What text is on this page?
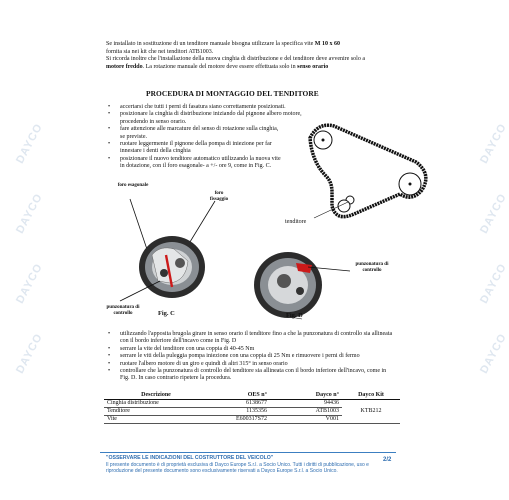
DAYCO
DAYCO
DAYCO
DAYCO
DAYCO
DAYCO
DAYCO
DAYCO
Se installato in sostituzione di un tenditore manuale bisogna utilizzare la specifica vite M 10 x 60
fornita sia nei kit che nei tenditori ATB1003.
Si ricorda inoltre che l'installazione della nuova cinghia di distribuzione e del tenditore deve avvenire solo a
motore freddo. La rotazione manuale del motore deve essere effettuata solo in senso orario
PROCEDURA DI MONTAGGIO DEL TENDITORE
• accertarsi che tutti i perni di fasatura siano correttamente posizionati.
• posizionare la cinghia di distribuzione iniziando dal pignone albero motore, procedendo in senso orario.
• fare attenzione alle marcature del senso di rotazione sulla cinghia, se previste.
• ruotare leggermente il pignone della pompa di iniezione per far innestare i denti della cinghia
• posizionare il nuovo tenditore automatico utilizzando la nuova vite in dotazione, con il foro esagonale- a +/- ore 9, come in Fig. C.
tenditore
foro esagonale
foro fissaggio
punzonatura di controllo	Fig. C
punzonatura di controllo
Fig. D
• utilizzando l'apposita brugola girare in senso orario il tenditore fino a che la punzonatura di controllo sia allineata con il bordo inferiore dell'incavo come in Fig. D
• serrare la vite del tenditore con una coppia di 40-45 Nm
• serrare le viti della puleggia pompa iniezione con una coppia di 25 Nm e rimuovere i perni di fermo
• ruotare l'albero motore di un giro e quindi di altri 315° in senso orario
• controllare che la punzonatura di controllo del tenditore sia allineata con il bordo inferiore dell'incavo, come in Fig. D. In caso contrario ripetere la procedura.
Descrizione	OES n°	Dayco n°	Dayco Kit
Cinghia distribuzione	6138677	94436	KTB212
Tenditore	1135356	ATB1003	
Vite	E600317S72	V001	
"OSSERVARE LE INDICAZIONI DEL COSTRUTTORE DEL VEICOLO"
Il presente documento è di proprietà esclusiva di Dayco Europe S.r.l. a Socio Unico. Tutti i diritti di pubblicazione, uso e
riproduzione del presente documento sono esclusivamente riservati a Dayco Europe S.r.l. a Socio Unico.
2/2
